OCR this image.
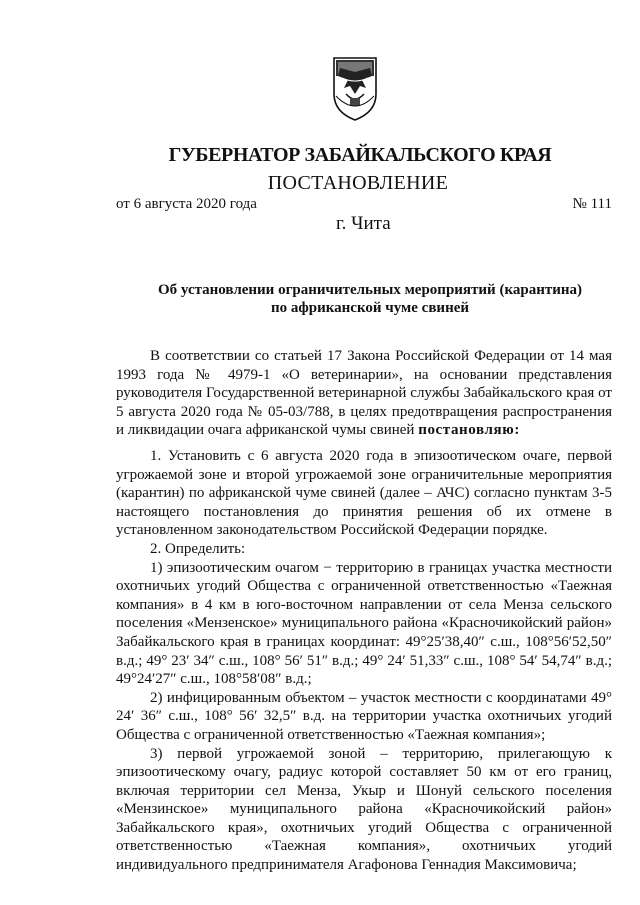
ГУБЕРНАТОР ЗАБАЙКАЛЬСКОГО КРАЯ
ПОСТАНОВЛЕНИЕ
от 6 августа 2020 года	№ 111
г. Чита
Об установлении ограничительных мероприятий (карантина)
по африканской чуме свиней

В соответствии со статьей 17 Закона Российской Федерации от 14 мая 1993 года № 4979-1 «О ветеринарии», на основании представления руководителя Государственной ветеринарной службы Забайкальского края от 5 августа 2020 года № 05-03/788, в целях предотвращения распространения и ликвидации очага африканской чумы свиней постановляю:

1. Установить с 6 августа 2020 года в эпизоотическом очаге, первой угрожаемой зоне и второй угрожаемой зоне ограничительные мероприятия (карантин) по африканской чуме свиней (далее – АЧС) согласно пунктам 3-5 настоящего постановления до принятия решения об их отмене в установленном законодательством Российской Федерации порядке.

2. Определить:

1) эпизоотическим очагом − территорию в границах участка местности охотничьих угодий Общества с ограниченной ответственностью «Таежная компания» в 4 км в юго-восточном направлении от села Менза сельского поселения «Мензенское» муниципального района «Красночикойский район» Забайкальского края в границах координат: 49°25′38,40″ с.ш., 108°56′52,50″ в.д.; 49° 23′ 34″ с.ш., 108° 56′ 51″ в.д.; 49° 24′ 51,33″ с.ш., 108° 54′ 54,74″ в.д.; 49°24′27″ с.ш., 108°58′08″ в.д.;

2) инфицированным объектом – участок местности с координатами 49° 24′ 36″ с.ш., 108° 56′ 32,5″ в.д. на территории участка охотничьих угодий Общества с ограниченной ответственностью «Таежная компания»;

3) первой угрожаемой зоной – территорию, прилегающую к эпизоотическому очагу, радиус которой составляет 50 км от его границ, включая территории сел Менза, Укыр и Шонуй сельского поселения «Мензинское» муниципального района «Красночикойский район» Забайкальского края», охотничьих угодий Общества с ограниченной ответственностью «Таежная компания», охотничьих угодий индивидуального предпринимателя Агафонова Геннадия Максимовича;
